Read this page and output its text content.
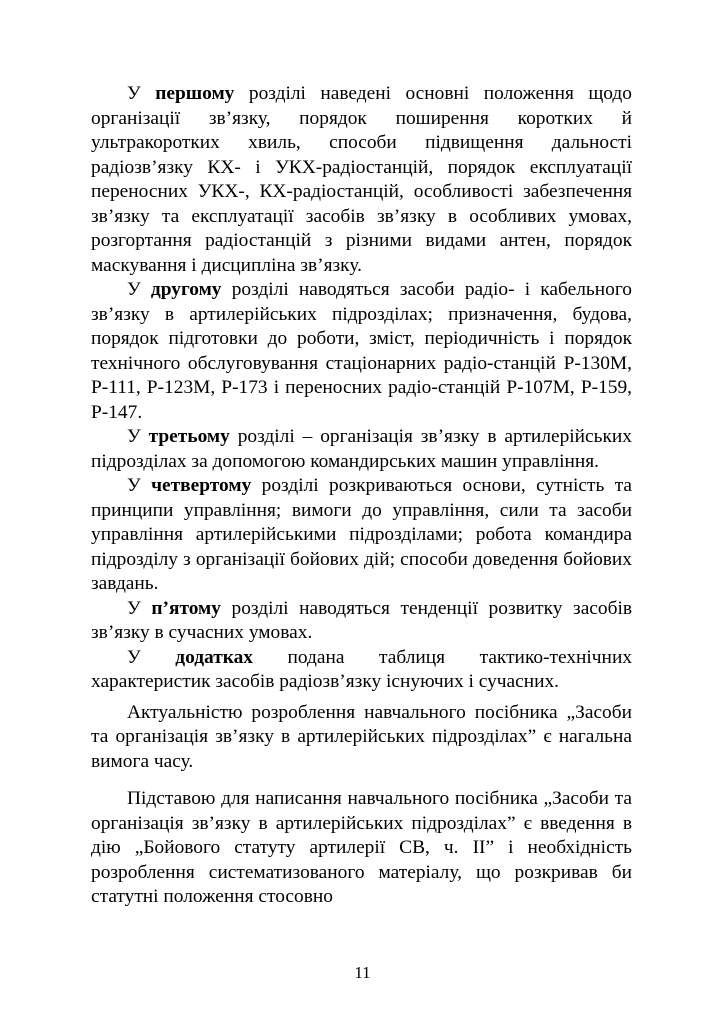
У першому розділі наведені основні положення щодо організації зв’язку, порядок поширення коротких й ультракоротких хвиль, способи підвищення дальності радіозв’язку КХ- і УКХ-радіостанцій, порядок експлуатації переносних УКХ-, КХ-радіостанцій, особливості забезпечення зв’язку та експлуатації засобів зв’язку в особливих умовах, розгортання радіостанцій з різними видами антен, порядок маскування і дисципліна зв’язку.

У другому розділі наводяться засоби радіо- і кабельного зв’язку в артилерійських підрозділах; призначення, будова, порядок підготовки до роботи, зміст, періодичність і порядок технічного обслуговування стаціонарних радіо-станцій Р-130М, Р-111, Р-123М, Р-173 і переносних радіо-станцій Р-107М, Р-159, Р-147.

У третьому розділі – організація зв’язку в артилерійських підрозділах за допомогою командирських машин управління.

У четвертому розділі розкриваються основи, сутність та принципи управління; вимоги до управління, сили та засоби управління артилерійськими підрозділами; робота командира підрозділу з організації бойових дій; способи доведення бойових завдань.

У п’ятому розділі наводяться тенденції розвитку засобів зв’язку в сучасних умовах.

У додатках подана таблиця тактико-технічних характеристик засобів радіозв’язку існуючих і сучасних.

Актуальністю розроблення навчального посібника „Засоби та організація зв’язку в артилерійських підрозділах” є нагальна вимога часу.

Підставою для написання навчального посібника „Засоби та організація зв’язку в артилерійських підрозділах” є введення в дію „Бойового статуту артилерії СВ, ч. ІІ” і необхідність розроблення систематизованого матеріалу, що розкривав би статутні положення стосовно

11
